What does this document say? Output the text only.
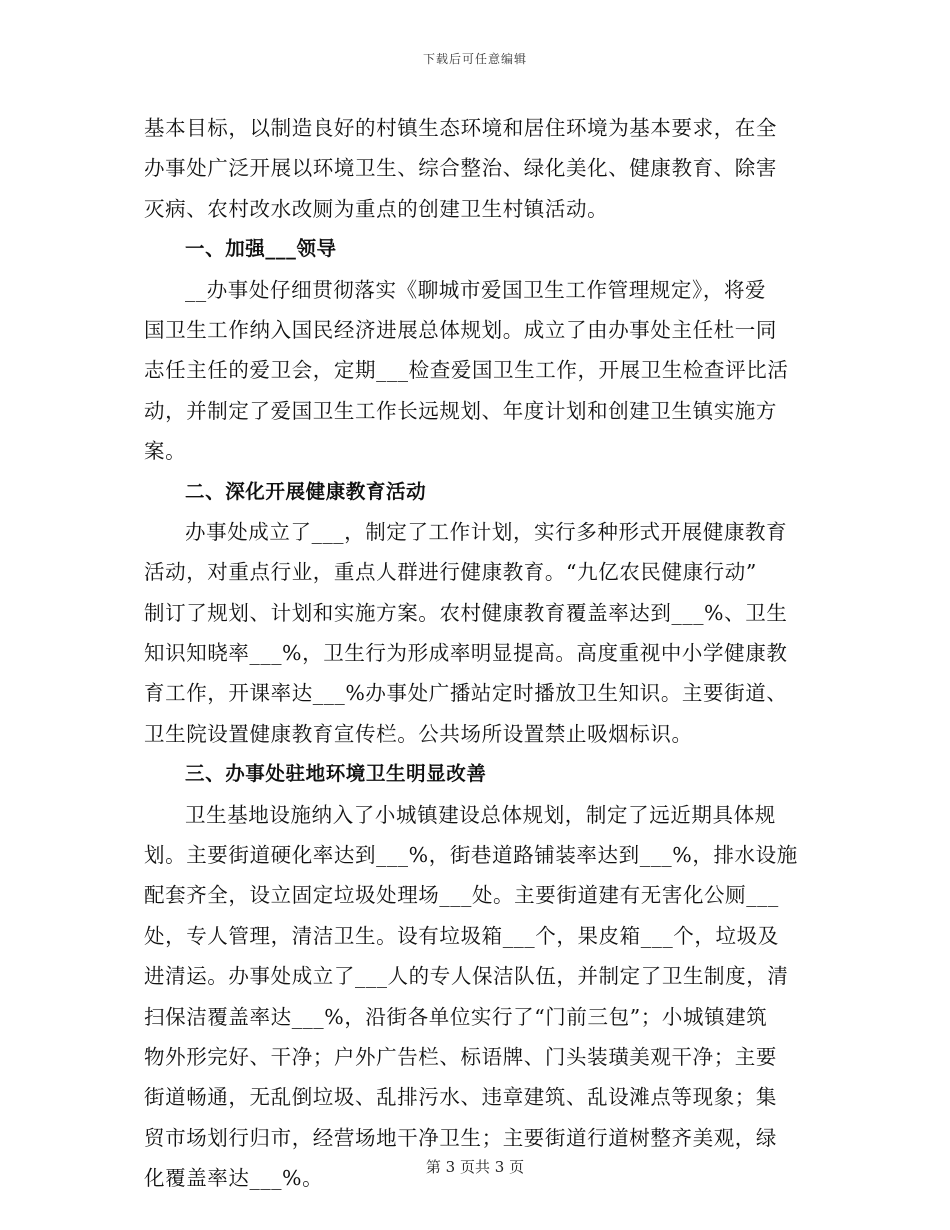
下载后可任意编辑
基本目标，以制造良好的村镇生态环境和居住环境为基本要求，在全
办事处广泛开展以环境卫生、综合整治、绿化美化、健康教育、除害
灭病、农村改水改厕为重点的创建卫生村镇活动。
一、加强___领导
__办事处仔细贯彻落实《聊城市爱国卫生工作管理规定》，将爱
国卫生工作纳入国民经济进展总体规划。成立了由办事处主任杜一同
志任主任的爱卫会，定期___检查爱国卫生工作，开展卫生检查评比活
动，并制定了爱国卫生工作长远规划、年度计划和创建卫生镇实施方
案。
二、深化开展健康教育活动
办事处成立了___，制定了工作计划，实行多种形式开展健康教育
活动，对重点行业，重点人群进行健康教育。“九亿农民健康行动”
制订了规划、计划和实施方案。农村健康教育覆盖率达到___%、卫生
知识知晓率___%，卫生行为形成率明显提高。高度重视中小学健康教
育工作，开课率达___%办事处广播站定时播放卫生知识。主要街道、
卫生院设置健康教育宣传栏。公共场所设置禁止吸烟标识。
三、办事处驻地环境卫生明显改善
卫生基地设施纳入了小城镇建设总体规划，制定了远近期具体规
划。主要街道硬化率达到___%，街巷道路铺装率达到___%，排水设施
配套齐全，设立固定垃圾处理场___处。主要街道建有无害化公厕___
处，专人管理，清洁卫生。设有垃圾箱___个，果皮箱___个，垃圾及
进清运。办事处成立了___人的专人保洁队伍，并制定了卫生制度，清
扫保洁覆盖率达___%，沿街各单位实行了“门前三包”；小城镇建筑
物外形完好、干净；户外广告栏、标语牌、门头装璜美观干净；主要
街道畅通，无乱倒垃圾、乱排污水、违章建筑、乱设滩点等现象；集
贸市场划行归市，经营场地干净卫生；主要街道行道树整齐美观，绿
化覆盖率达___%。	第 3 页共 3 页
